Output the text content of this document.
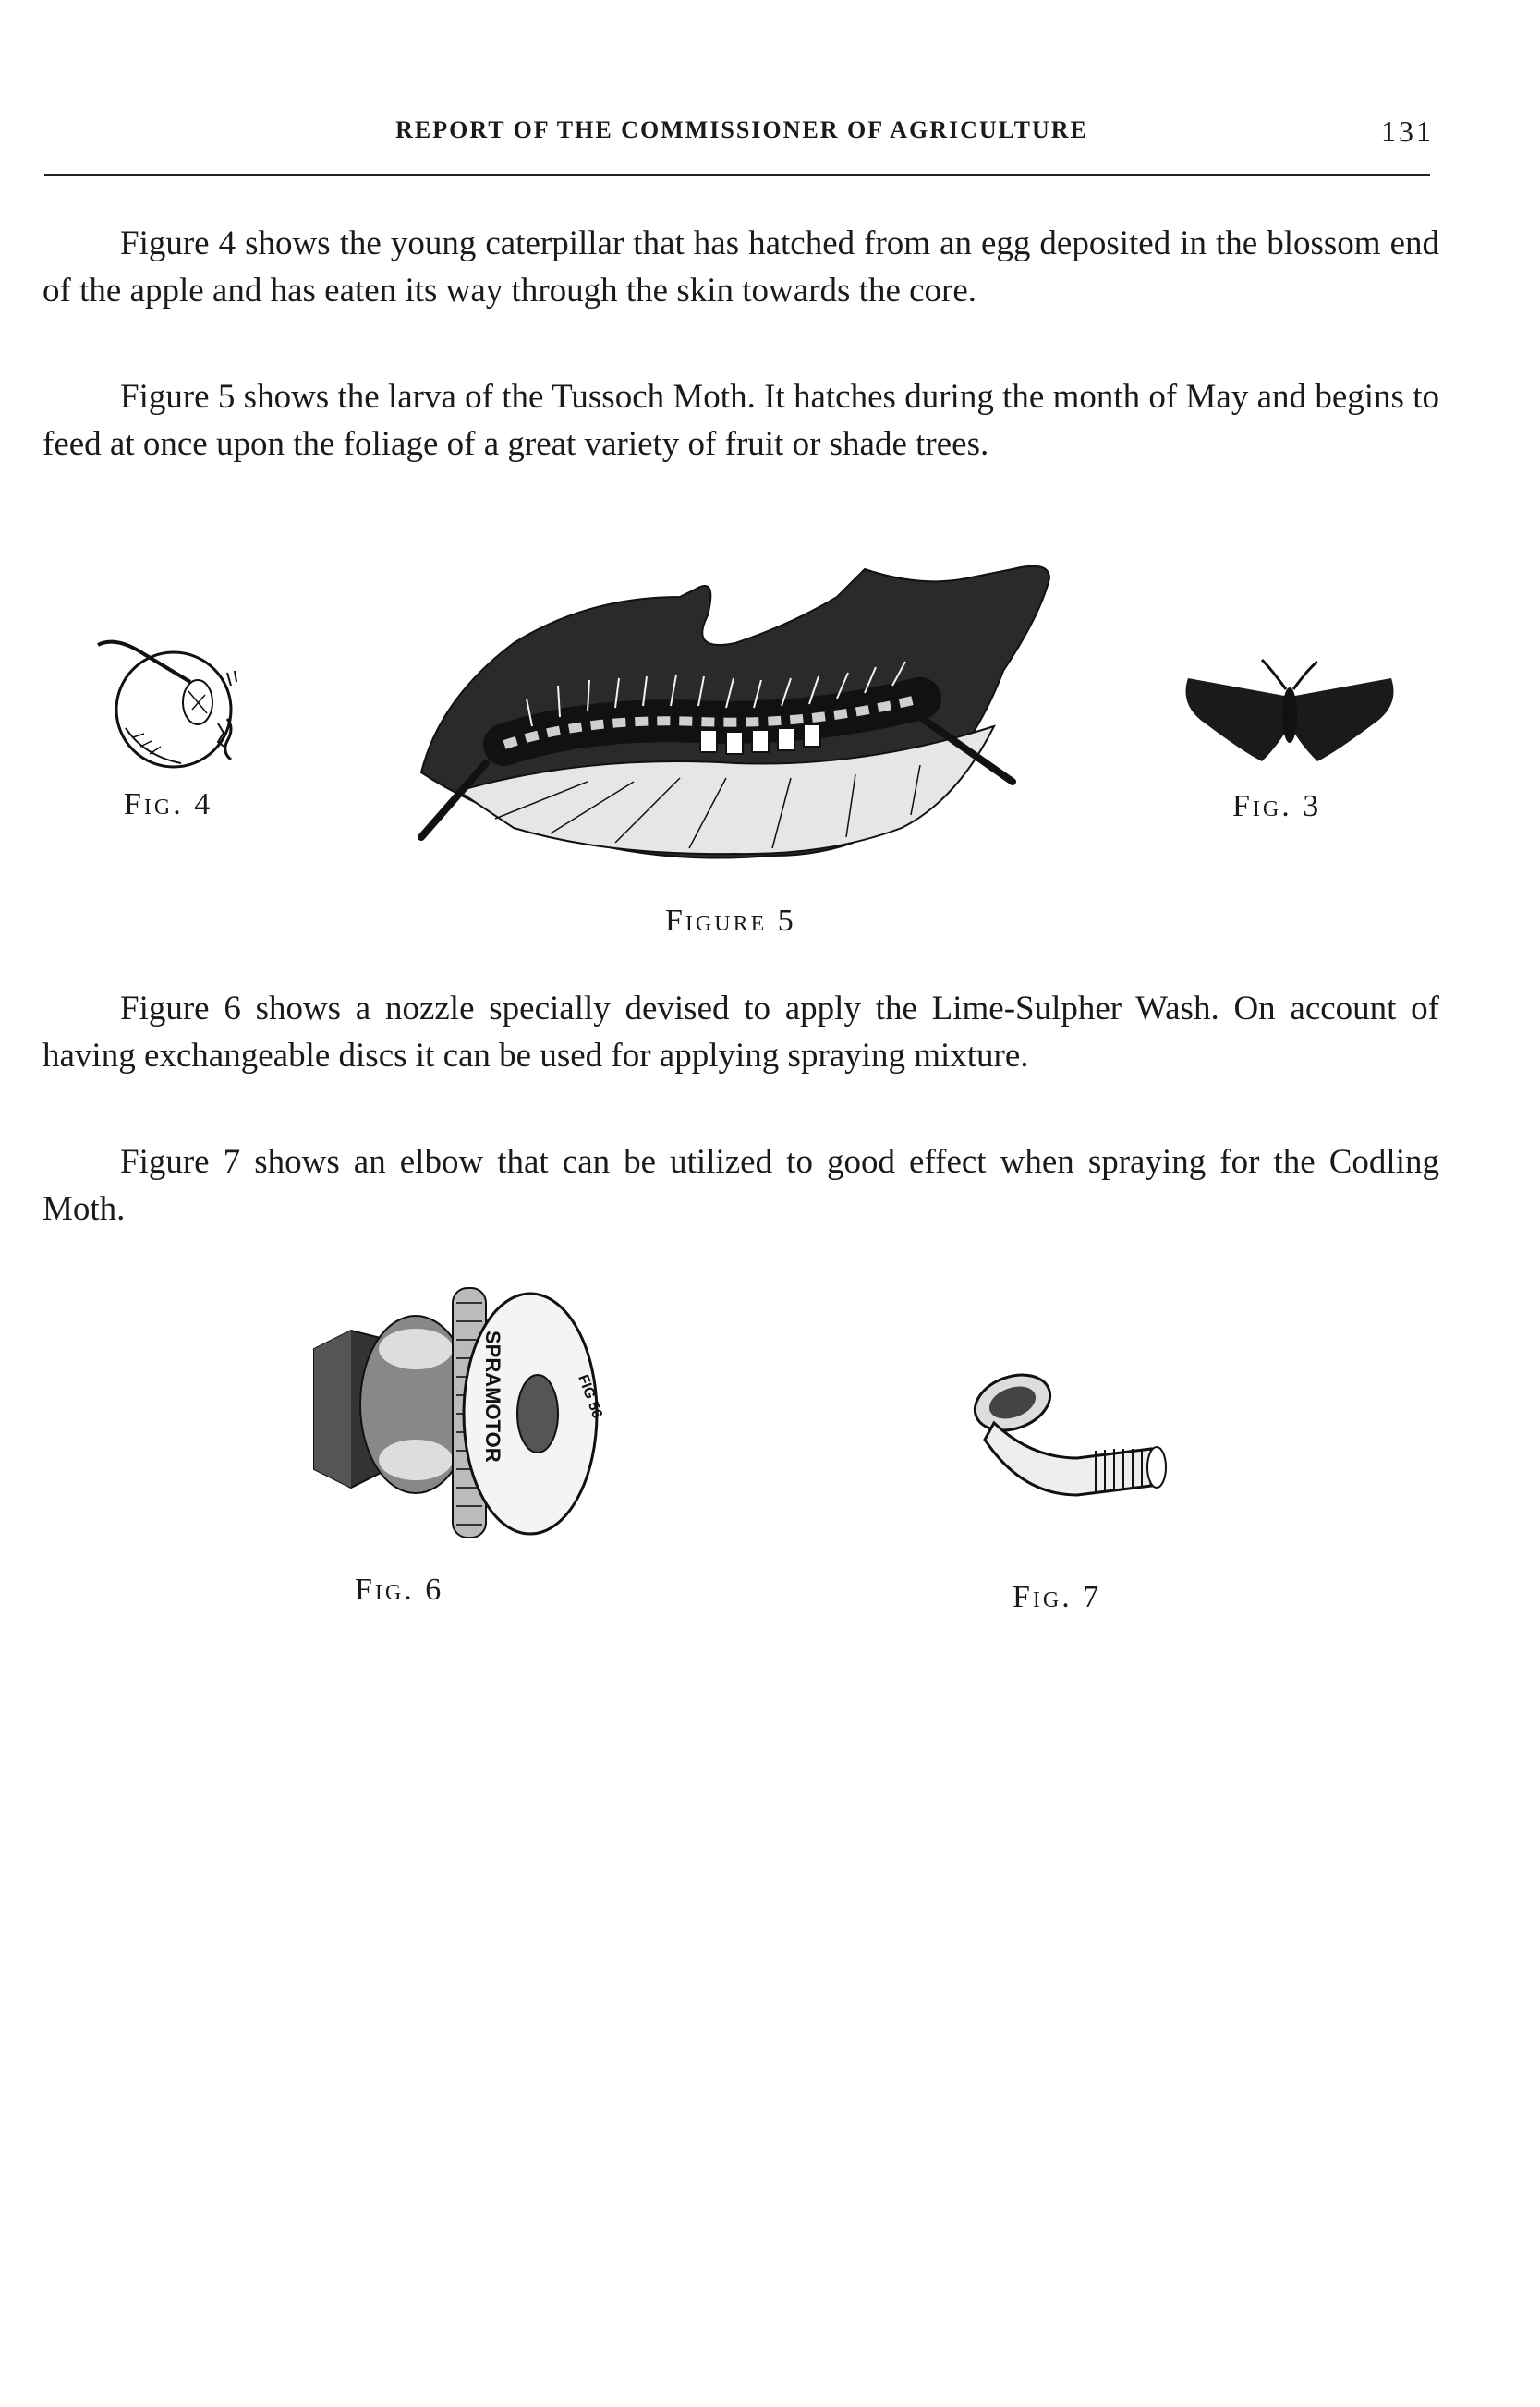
REPORT OF THE COMMISSIONER OF AGRICULTURE	131

Figure 4 shows the young caterpillar that has hatched from an egg deposited in the blossom end of the apple and has eaten its way through the skin towards the core.

Figure 5 shows the larva of the Tussoch Moth. It hatches during the month of May and begins to feed at once upon the foliage of a great variety of fruit or shade trees.

Fig. 4
Figure 5
Fig. 3

Figure 6 shows a nozzle specially devised to apply the Lime-Sulpher Wash. On account of having exchangeable discs it can be used for applying spraying mixture.

Figure 7 shows an elbow that can be utilized to good effect when spraying for the Codling Moth.

SPRAMOTOR	FIG 56
Fig. 6	Fig. 7
